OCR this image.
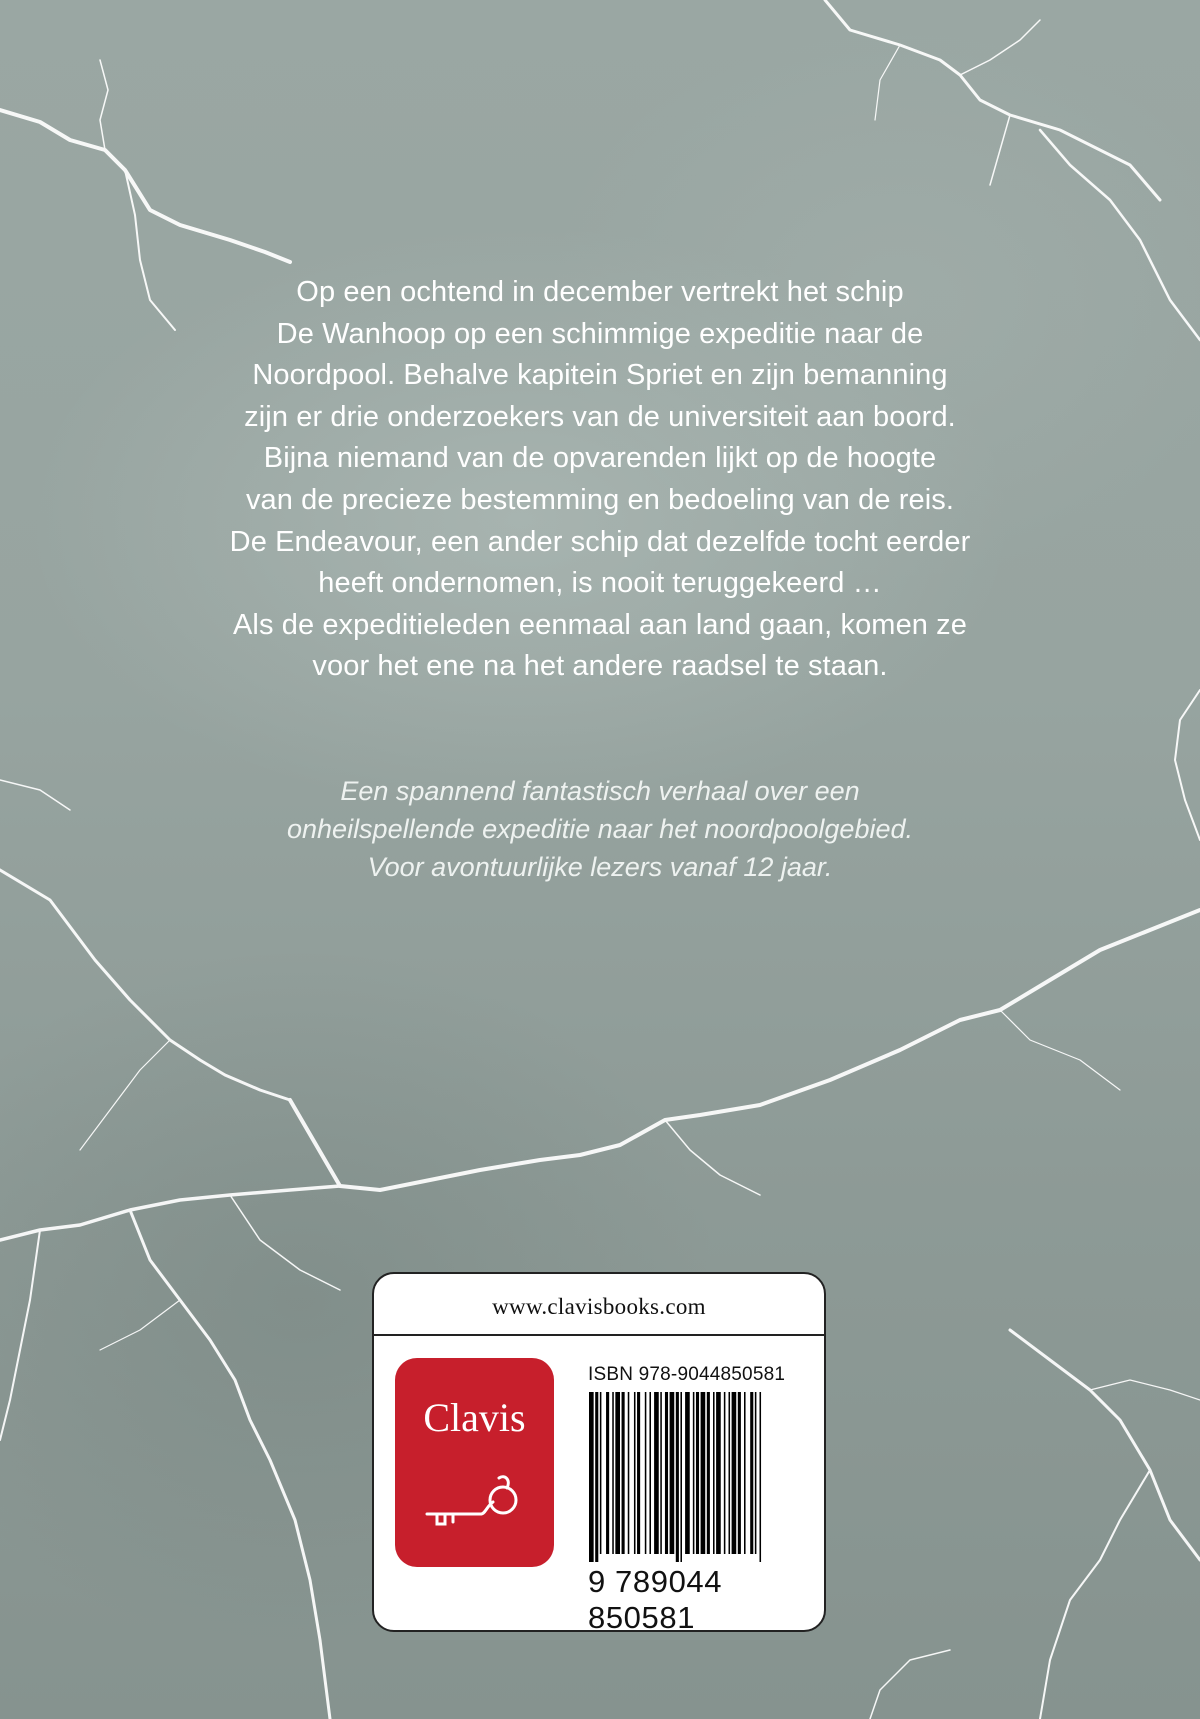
Op een ochtend in december vertrekt het schip
De Wanhoop op een schimmige expeditie naar de
Noordpool. Behalve kapitein Spriet en zijn bemanning
zijn er drie onderzoekers van de universiteit aan boord.
Bijna niemand van de opvarenden lijkt op de hoogte
van de precieze bestemming en bedoeling van de reis.
De Endeavour, een ander schip dat dezelfde tocht eerder
heeft ondernomen, is nooit teruggekeerd …
Als de expeditieleden eenmaal aan land gaan, komen ze
voor het ene na het andere raadsel te staan.
Een spannend fantastisch verhaal over een
onheilspellende expeditie naar het noordpoolgebied.
Voor avontuurlijke lezers vanaf 12 jaar.
www.clavisbooks.com
Clavis
ISBN 978-9044850581
9 789044 850581
